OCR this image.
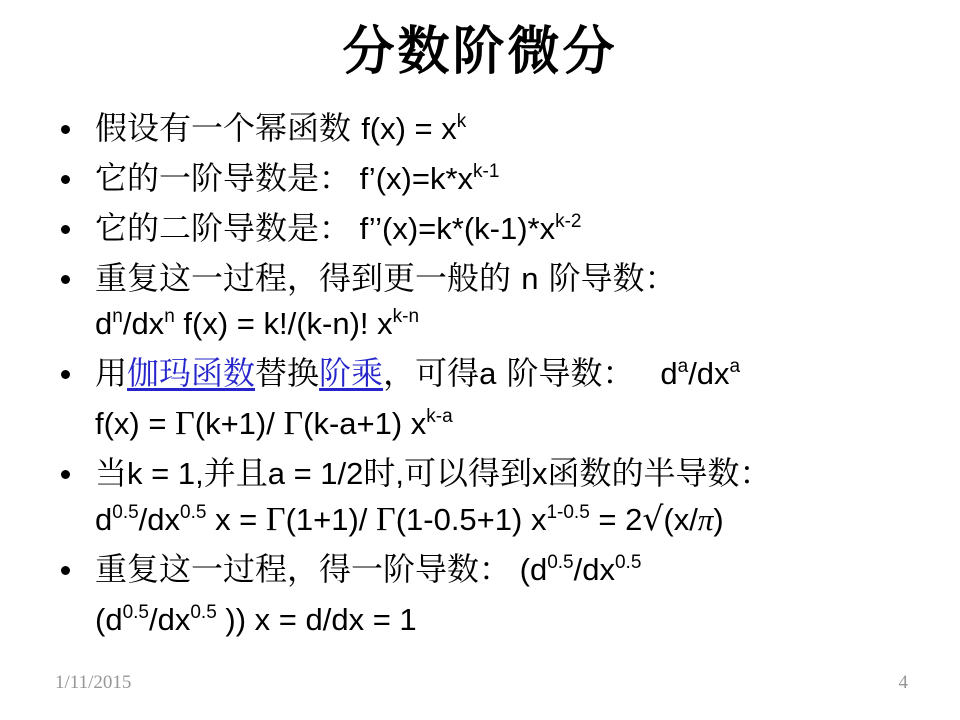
分数阶微分
假设有一个幂函数 $f(x) = x^k$
它的一阶导数是： $f’(x)=k*x^{k-1}$
它的二阶导数是： $f’’(x)=k*(k-1)*x^{k-2}$
重复这一过程，得到更一般的 n 阶导数：
$d^n/dx^n$ f(x) = k!/(k-n)! $x^{k-n}$
用伽玛函数替换阶乘，可得a 阶导数：   $d^a/dx^a$
f(x) = Γ(k+1)/ Γ(k-a+1) $x^{k-a}$
当k = 1,并且a = 1/2时,可以得到x函数的半导数：
$d^{0.5}/dx^{0.5}$ x = Γ(1+1)/ Γ(1-0.5+1) $x^{1-0.5} = 2√(x/\pi)$
重复这一过程，得一阶导数： ($d^{0.5}/dx^{0.5}$
($d^{0.5}/dx^{0.5}$ )) x = d/dx = 1
1/11/2015	4
